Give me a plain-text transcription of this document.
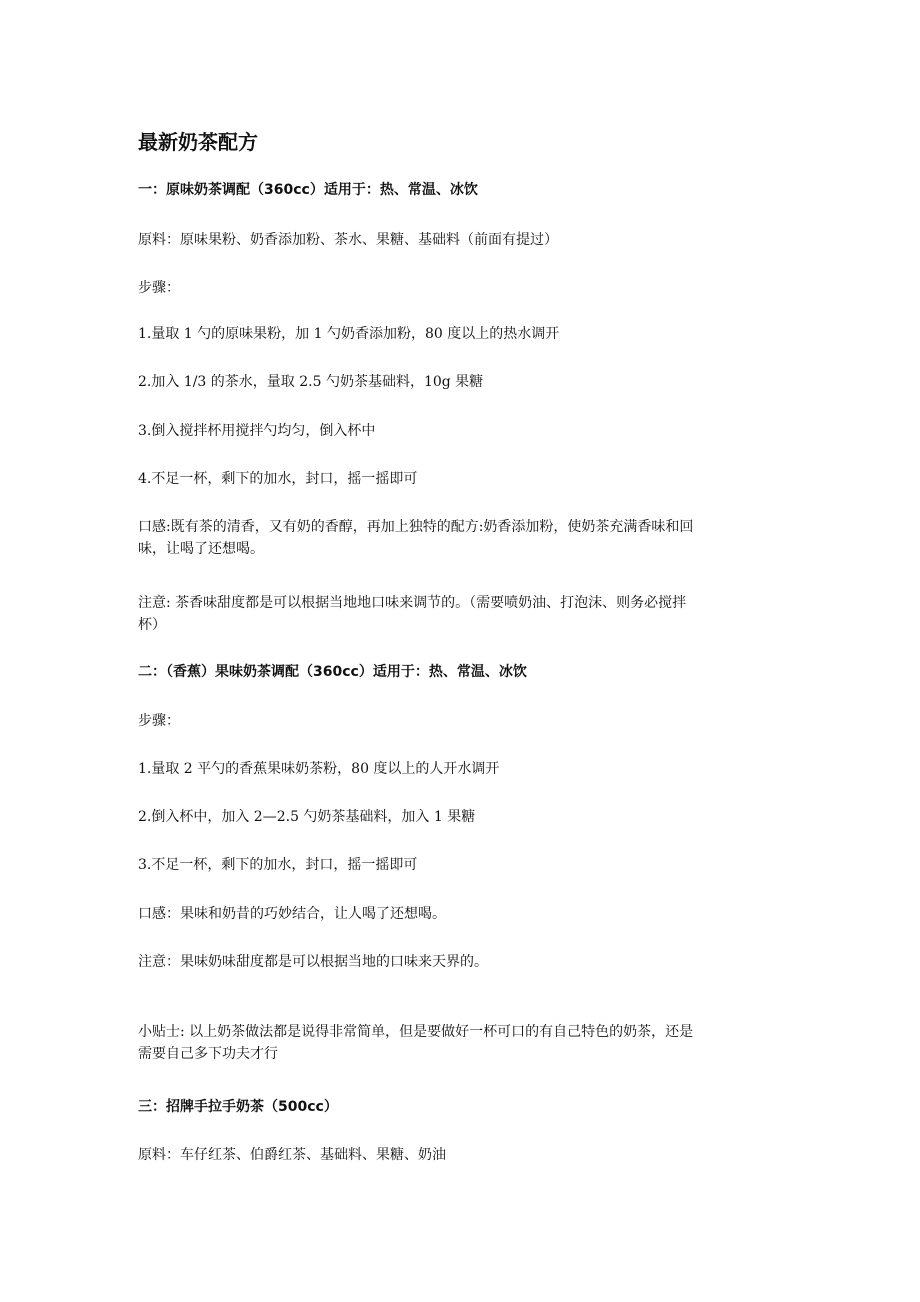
最新奶茶配方
一：原味奶茶调配（360cc）适用于：热、常温、冰饮
原料：原味果粉、奶香添加粉、茶水、果糖、基础料（前面有提过）
步骤：
1.量取 1 勺的原味果粉，加 1 勺奶香添加粉，80 度以上的热水调开
2.加入 1/3 的茶水，量取 2.5 勺奶茶基础料，10g 果糖
3.倒入搅拌杯用搅拌勺均匀，倒入杯中
4.不足一杯，剩下的加水，封口，摇一摇即可
口感:既有茶的清香，又有奶的香醇，再加上独特的配方:奶香添加粉，使奶茶充满香味和回
味，让喝了还想喝。
注意: 茶香味甜度都是可以根据当地地口味来调节的。（需要喷奶油、打泡沫、则务必搅拌
杯）
二：（香蕉）果味奶茶调配（360cc）适用于：热、常温、冰饮
步骤：
1.量取 2 平勺的香蕉果味奶茶粉，80 度以上的人开水调开
2.倒入杯中，加入 2—2.5 勺奶茶基础料，加入 1 果糖
3.不足一杯，剩下的加水，封口，摇一摇即可
口感：果味和奶昔的巧妙结合，让人喝了还想喝。
注意：果味奶味甜度都是可以根据当地的口味来天界的。
小贴士: 以上奶茶做法都是说得非常简单，但是要做好一杯可口的有自己特色的奶茶，还是
需要自己多下功夫才行
三：招牌手拉手奶茶（500cc）
原料：车仔红茶、伯爵红茶、基础料、果糖、奶油
